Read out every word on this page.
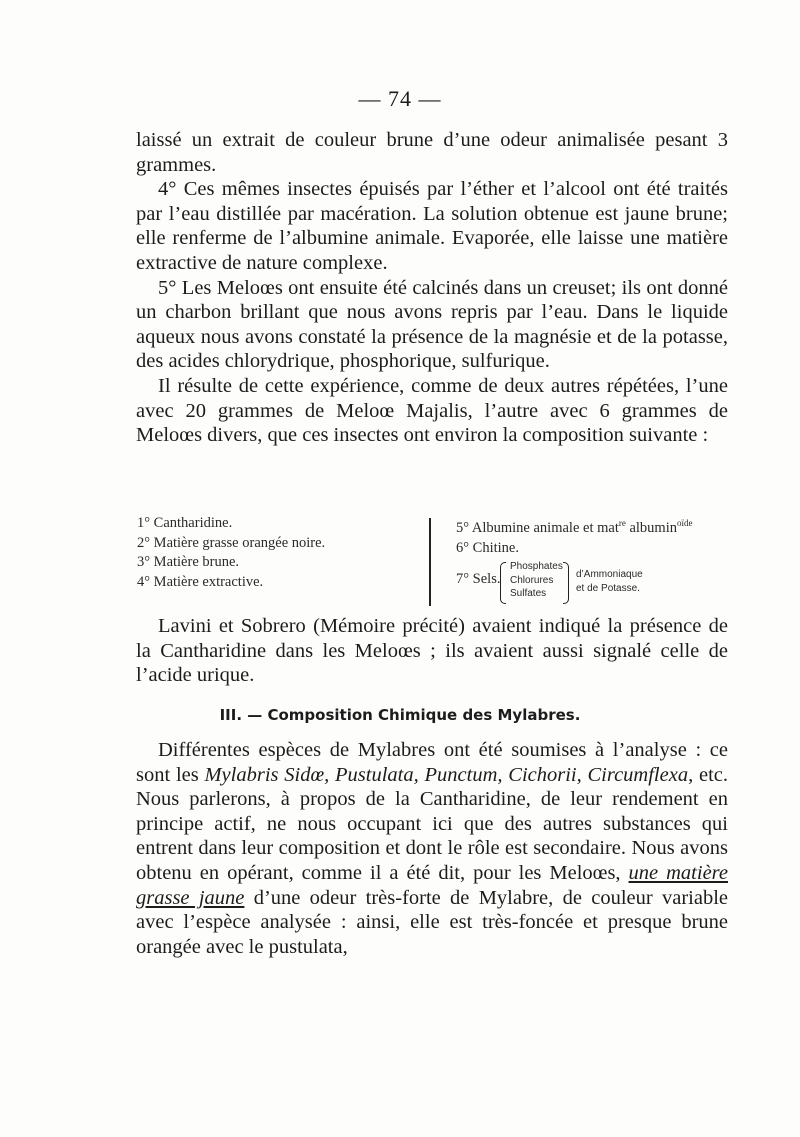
— 74 —

laissé un extrait de couleur brune d’une odeur animalisée pesant 3 grammes.

4° Ces mêmes insectes épuisés par l’éther et l’alcool ont été traités par l’eau distillée par macération. La solution obtenue est jaune brune; elle renferme de l’albumine animale. Evaporée, elle laisse une matière extractive de nature complexe.

5° Les Meloœs ont ensuite été calcinés dans un creuset; ils ont donné un charbon brillant que nous avons repris par l’eau. Dans le liquide aqueux nous avons constaté la présence de la magnésie et de la potasse, des acides chlorydrique, phosphorique, sulfurique.

Il résulte de cette expérience, comme de deux autres répétées, l’une avec 20 grammes de Meloœ Majalis, l’autre avec 6 grammes de Meloœs divers, que ces insectes ont environ la composition suivante :

1° Cantharidine.
2° Matière grasse orangée noire.
3° Matière brune.
4° Matière extractive.
5° Albumine animale et mat$^{re}$ albumin$^{oïde}$
6° Chitine.
7° Sels.
Phosphates
Chlorures
Sulfates
d’Ammoniaque
et de Potasse.

Lavini et Sobrero (Mémoire précité) avaient indiqué la présence de la Cantharidine dans les Meloœs ; ils avaient aussi signalé celle de l’acide urique.

III. — Composition Chimique des Mylabres.

Différentes espèces de Mylabres ont été soumises à l’analyse : ce sont les Mylabris Sidœ, Pustulata, Punctum, Cichorii, Circumflexa, etc. Nous parlerons, à propos de la Cantharidine, de leur rendement en principe actif, ne nous occupant ici que des autres substances qui entrent dans leur composition et dont le rôle est secondaire. Nous avons obtenu en opérant, comme il a été dit, pour les Meloœs, une matière grasse jaune d’une odeur très-forte de Mylabre, de couleur variable avec l’espèce analysée : ainsi, elle est très-foncée et presque brune orangée avec le pustulata,
